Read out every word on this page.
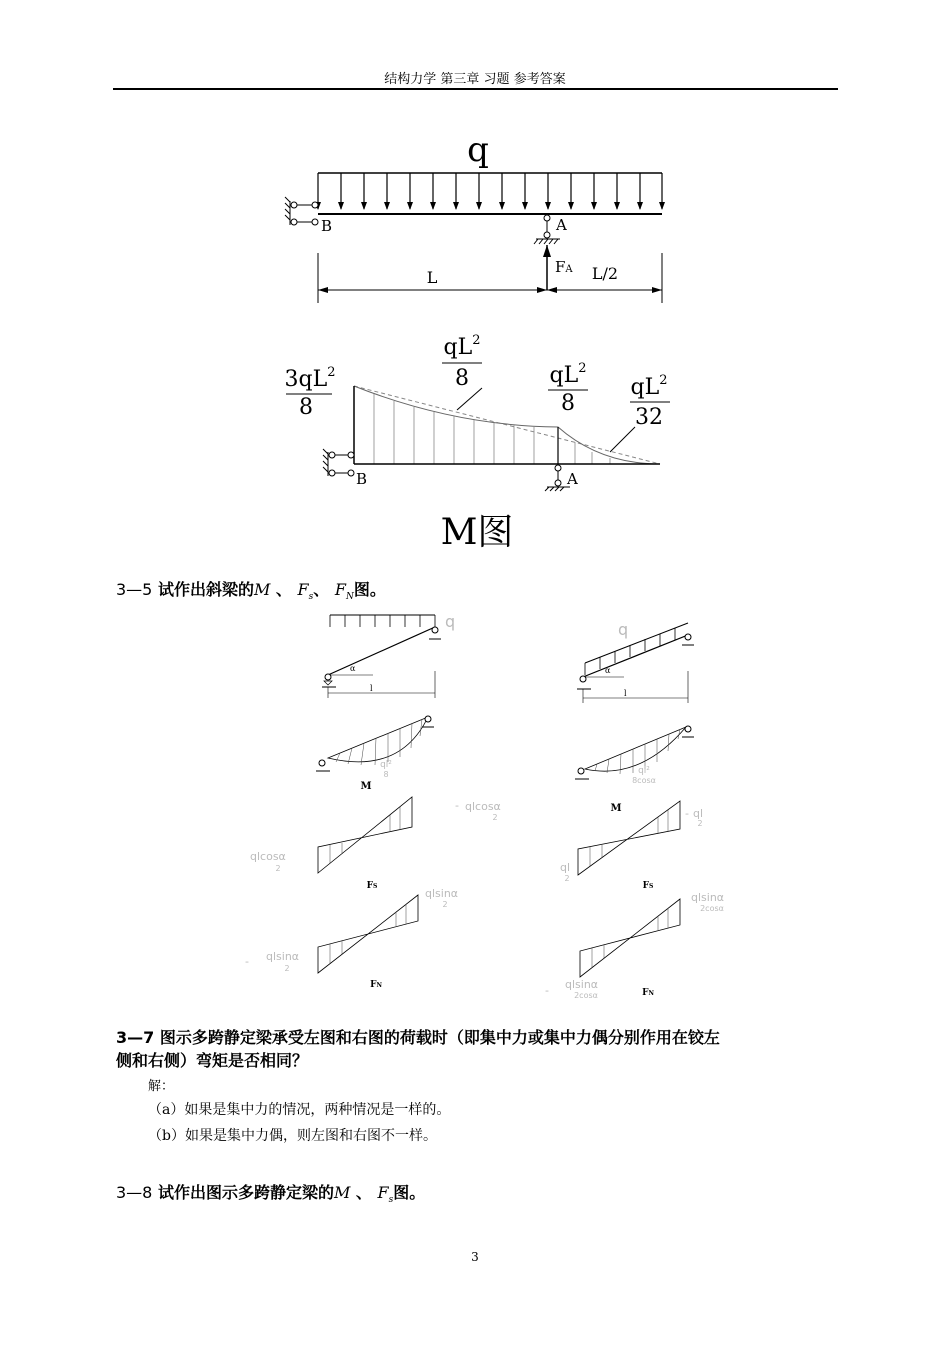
结构力学 第三章 习题 参考答案
q
B	A
FA
L	L/2
$3qL^2$
8
$qL^2$
8	$qL^2$
8
$qL^2$
32
B	A
M图
3—5 试作出斜梁的M 、 $F_s$、 $F_N$图。
q
α
l
ql²
8
M
qlcosα
-
2
qlcosα
2
FS
qlsinα
2
- qlsinα
2
FN
q
α
l
ql²
8cosα
M	- ql
2
ql
2
FS
qlsinα
2cosα
- qlsinα
2cosα	FN
3—7 图示多跨静定梁承受左图和右图的荷载时（即集中力或集中力偶分别作用在铰左
侧和右侧）弯矩是否相同？
解：
（a）如果是集中力的情况，两种情况是一样的。
（b）如果是集中力偶，则左图和右图不一样。
3—8 试作出图示多跨静定梁的M 、 $F_s$图。
3
